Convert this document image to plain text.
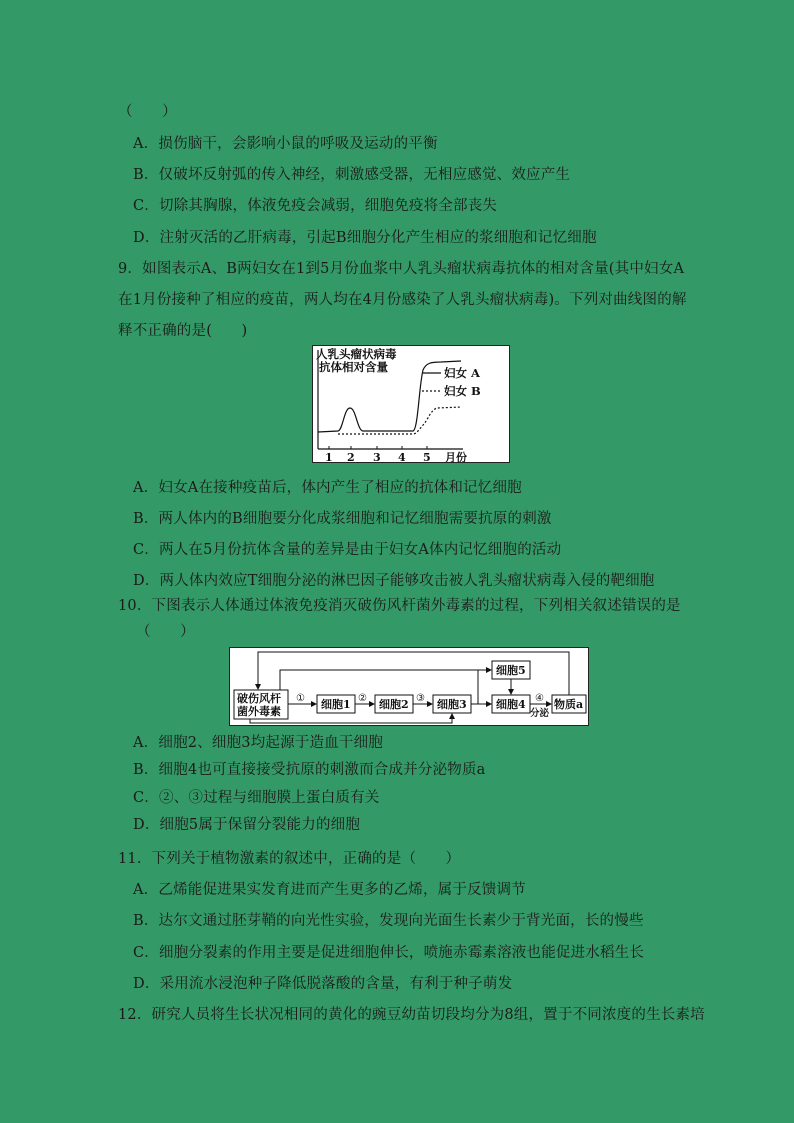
（　　）
A．损伤脑干，会影响小鼠的呼吸及运动的平衡
B．仅破坏反射弧的传入神经，刺激感受器，无相应感觉、效应产生
C．切除其胸腺，体液免疫会减弱，细胞免疫将全部丧失
D．注射灭活的乙肝病毒，引起B细胞分化产生相应的浆细胞和记忆细胞
9．如图表示A、B两妇女在1到5月份血浆中人乳头瘤状病毒抗体的相对含量(其中妇女A
在1月份接种了相应的疫苗，两人均在4月份感染了人乳头瘤状病毒)。下列对曲线图的解
释不正确的是(　　)
人乳头瘤状病毒
抗体相对含量	妇女 A
妇女 B
1 2 3 4 5 月份
A．妇女A在接种疫苗后，体内产生了相应的抗体和记忆细胞
B．两人体内的B细胞要分化成浆细胞和记忆细胞需要抗原的刺激
C．两人在5月份抗体含量的差异是由于妇女A体内记忆细胞的活动
D．两人体内效应T细胞分泌的淋巴因子能够攻击被人乳头瘤状病毒入侵的靶细胞
10．下图表示人体通过体液免疫消灭破伤风杆菌外毒素的过程，下列相关叙述错误的是
（　　）
破伤风杆
菌外毒素
细胞1	细胞2	细胞3	细胞4
细胞5
物质a
①	②	③	④
分泌
A．细胞2、细胞3均起源于造血干细胞
B．细胞4也可直接接受抗原的刺激而合成并分泌物质a
C．②、③过程与细胞膜上蛋白质有关
D．细胞5属于保留分裂能力的细胞
11．下列关于植物激素的叙述中，正确的是（　　）
A．乙烯能促进果实发育进而产生更多的乙烯，属于反馈调节
B．达尔文通过胚芽鞘的向光性实验，发现向光面生长素少于背光面，长的慢些
C．细胞分裂素的作用主要是促进细胞伸长，喷施赤霉素溶液也能促进水稻生长
D．采用流水浸泡种子降低脱落酸的含量，有利于种子萌发
12．研究人员将生长状况相同的黄化的豌豆幼苗切段均分为8组，置于不同浓度的生长素培
